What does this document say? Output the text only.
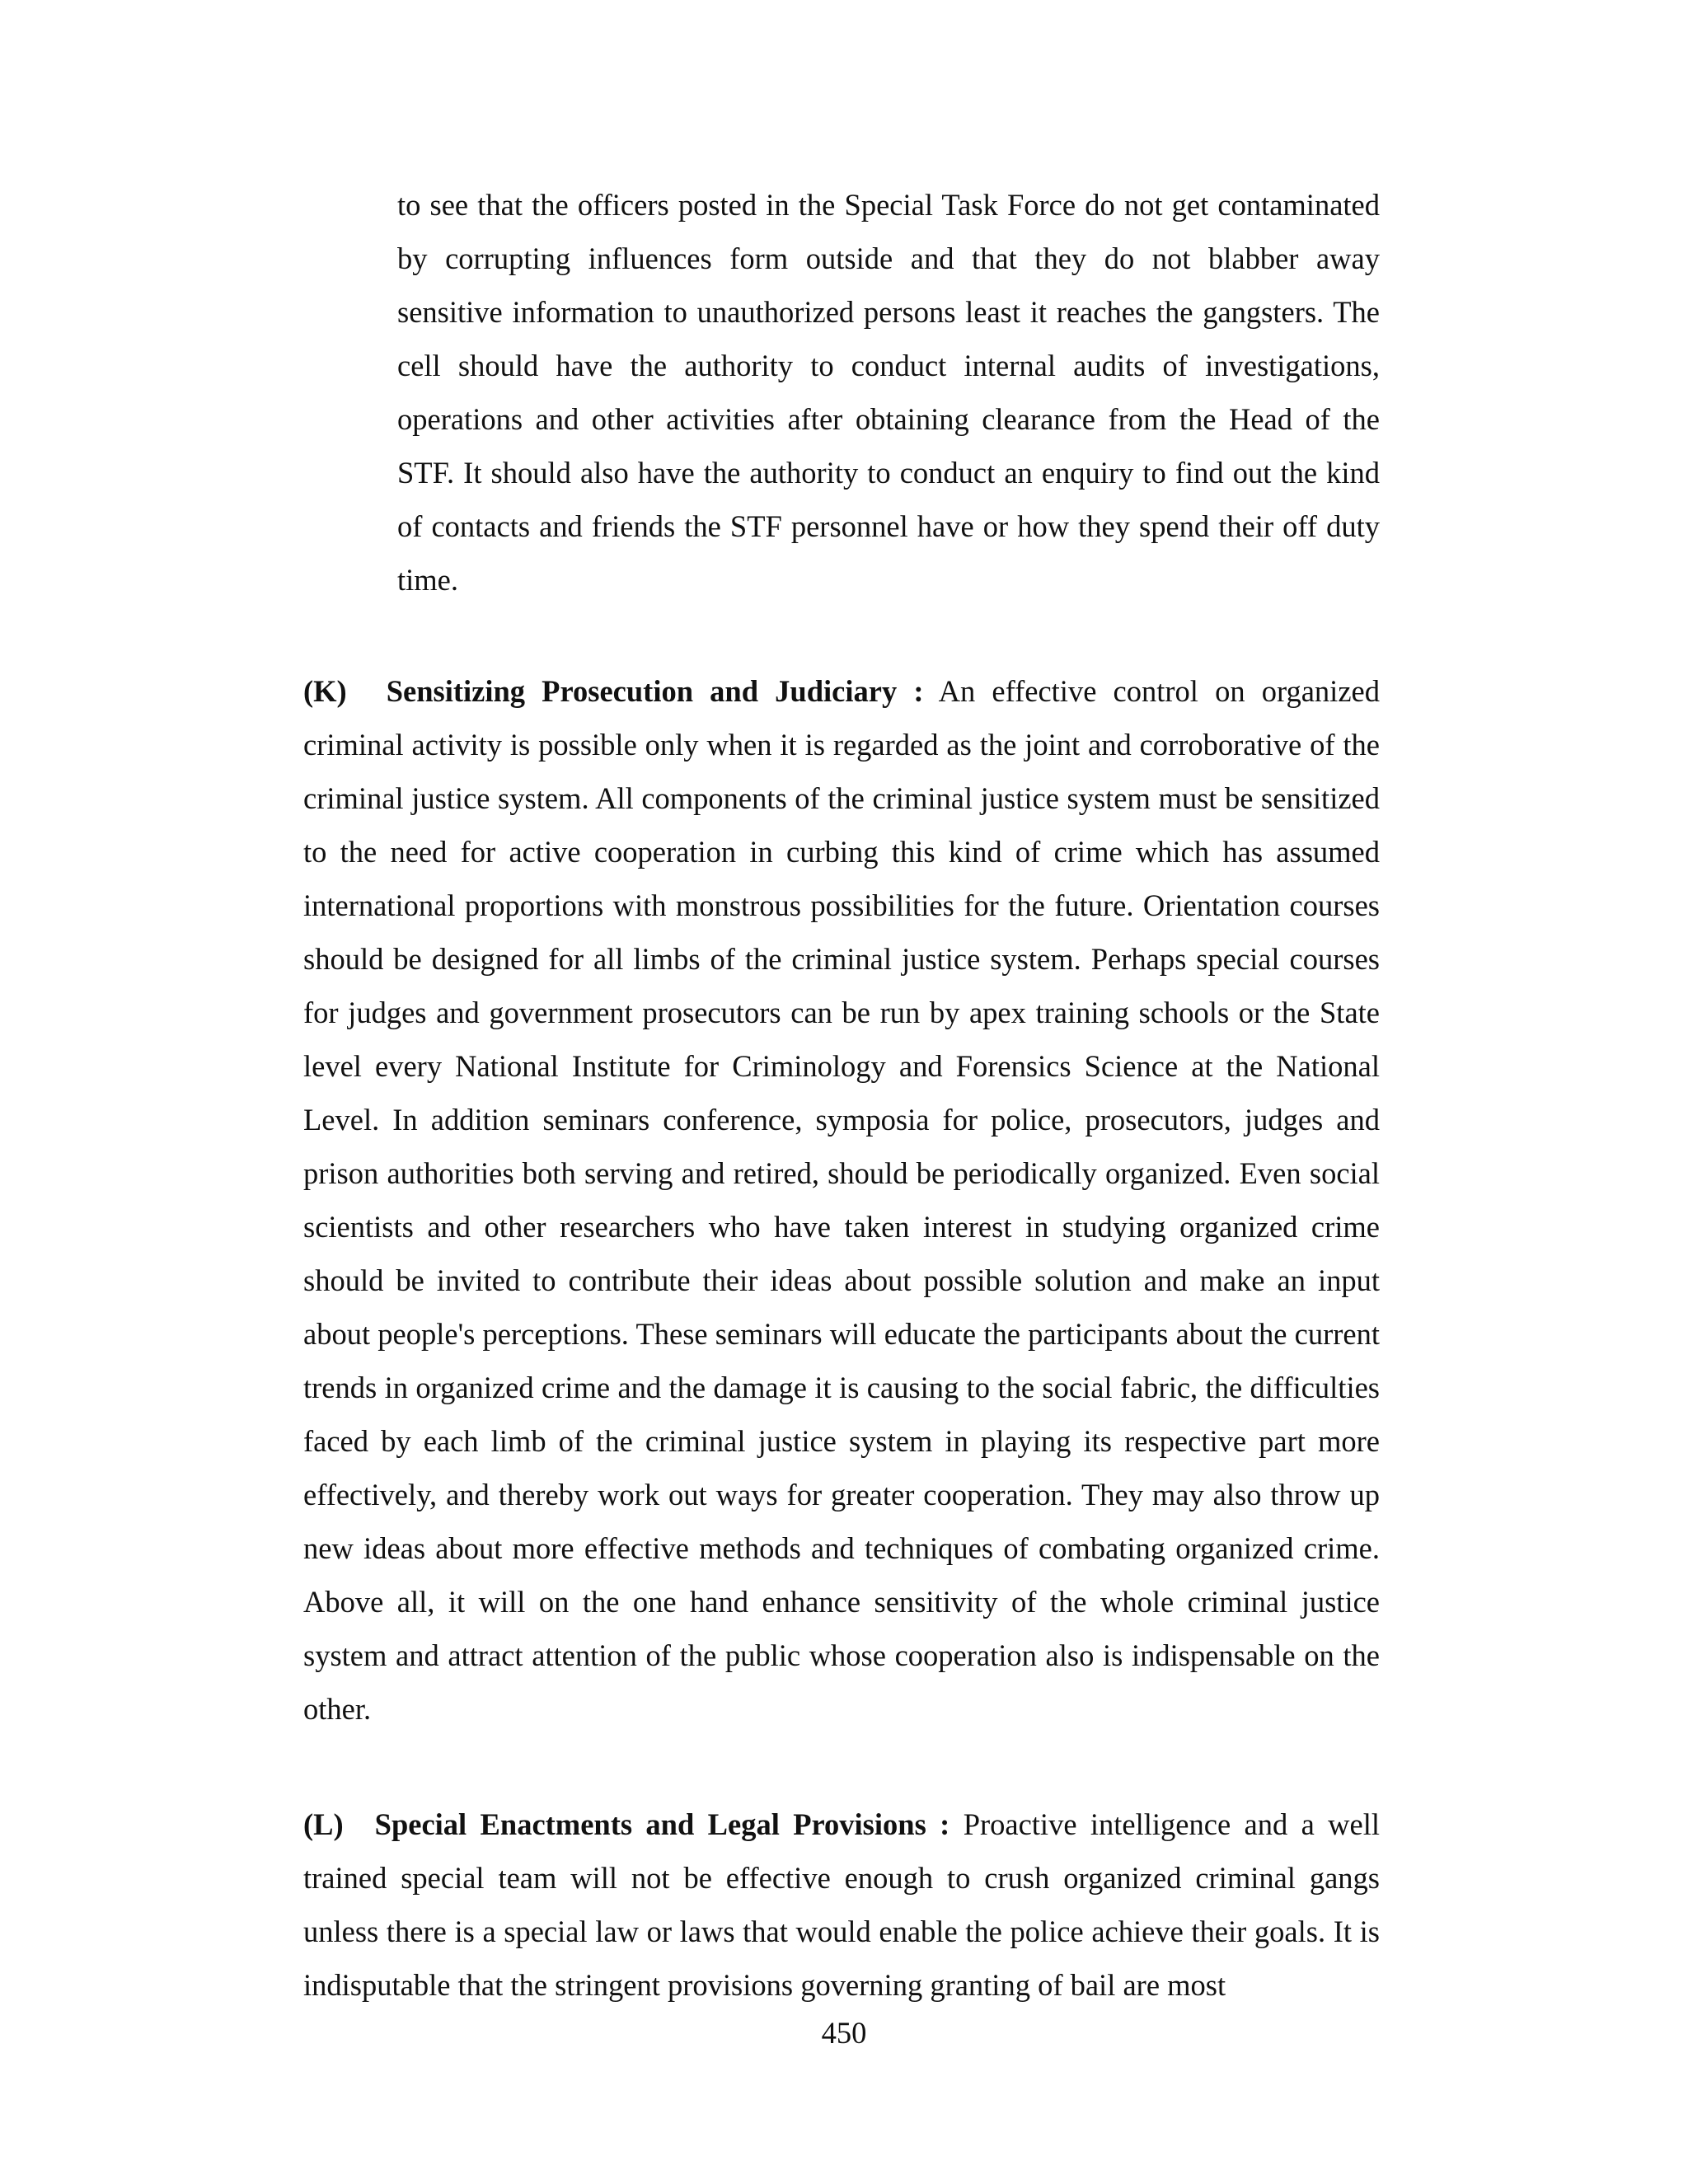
to see that the officers posted in the Special Task Force do not get contaminated by corrupting influences form outside and that they do not blabber away sensitive information to unauthorized persons least it reaches the gangsters. The cell should have the authority to conduct internal audits of investigations, operations and other activities after obtaining clearance from the Head of the STF. It should also have the authority to conduct an enquiry to find out the kind of contacts and friends the STF personnel have or how they spend their off duty time.

(K) Sensitizing Prosecution and Judiciary : An effective control on organized criminal activity is possible only when it is regarded as the joint and corroborative of the criminal justice system. All components of the criminal justice system must be sensitized to the need for active cooperation in curbing this kind of crime which has assumed international proportions with monstrous possibilities for the future. Orientation courses should be designed for all limbs of the criminal justice system. Perhaps special courses for judges and government prosecutors can be run by apex training schools or the State level every National Institute for Criminology and Forensics Science at the National Level. In addition seminars conference, symposia for police, prosecutors, judges and prison authorities both serving and retired, should be periodically organized. Even social scientists and other researchers who have taken interest in studying organized crime should be invited to contribute their ideas about possible solution and make an input about people's perceptions. These seminars will educate the participants about the current trends in organized crime and the damage it is causing to the social fabric, the difficulties faced by each limb of the criminal justice system in playing its respective part more effectively, and thereby work out ways for greater cooperation. They may also throw up new ideas about more effective methods and techniques of combating organized crime. Above all, it will on the one hand enhance sensitivity of the whole criminal justice system and attract attention of the public whose cooperation also is indispensable on the other.

(L) Special Enactments and Legal Provisions : Proactive intelligence and a well trained special team will not be effective enough to crush organized criminal gangs unless there is a special law or laws that would enable the police achieve their goals. It is indisputable that the stringent provisions governing granting of bail are most

450
